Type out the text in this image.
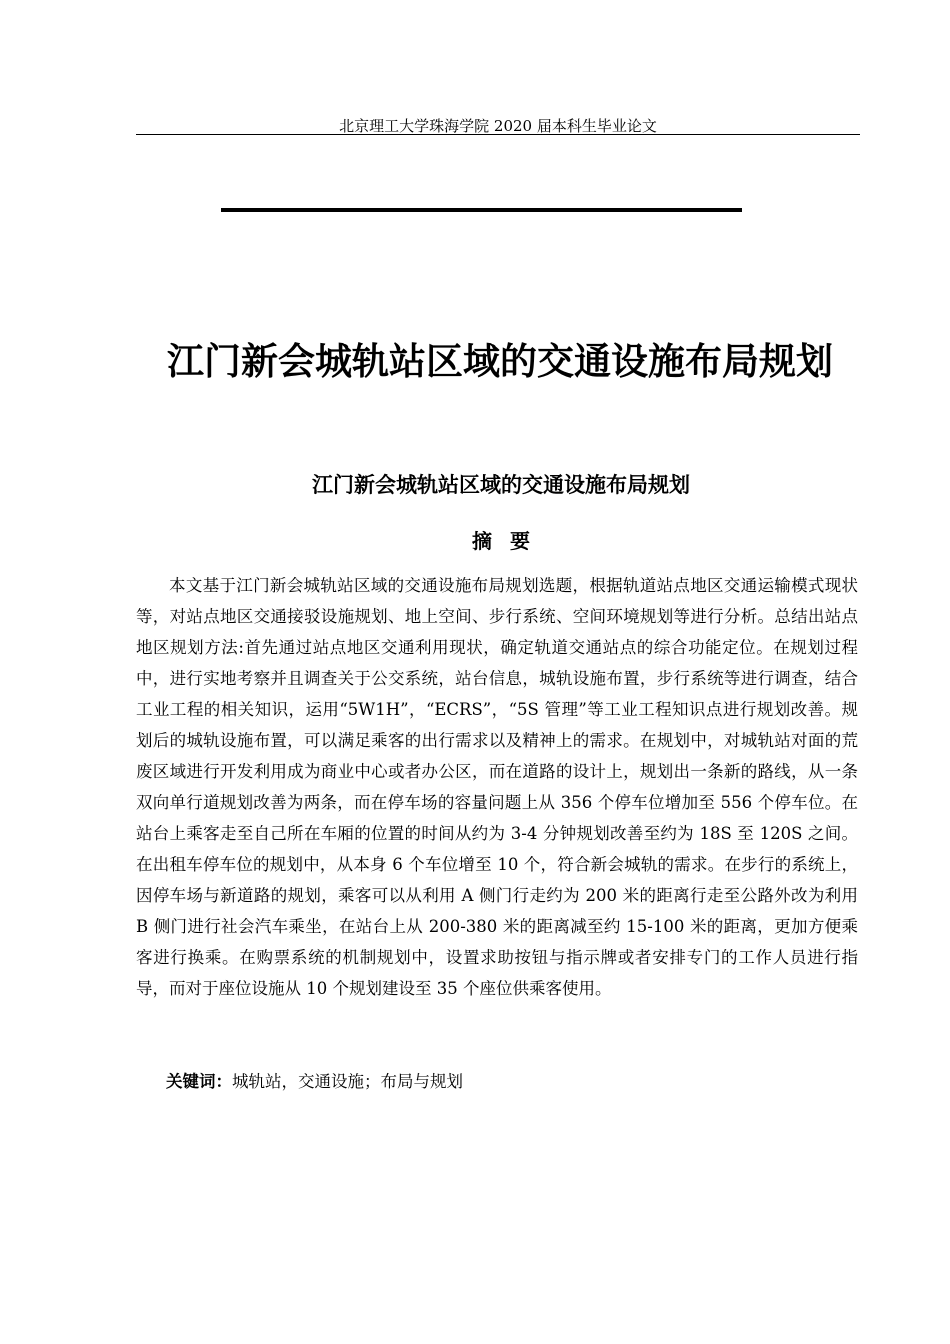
北京理工大学珠海学院 2020 届本科生毕业论文
江门新会城轨站区域的交通设施布局规划
江门新会城轨站区域的交通设施布局规划
摘要

本文基于江门新会城轨站区域的交通设施布局规划选题，根据轨道站点地区交通运输模式现状等，对站点地区交通接驳设施规划、地上空间、步行系统、空间环境规划等进行分析。总结出站点地区规划方法:首先通过站点地区交通利用现状，确定轨道交通站点的综合功能定位。在规划过程中，进行实地考察并且调查关于公交系统，站台信息，城轨设施布置，步行系统等进行调查，结合工业工程的相关知识，运用“5W1H”，“ECRS”，“5S 管理”等工业工程知识点进行规划改善。规划后的城轨设施布置，可以满足乘客的出行需求以及精神上的需求。在规划中，对城轨站对面的荒废区域进行开发利用成为商业中心或者办公区，而在道路的设计上，规划出一条新的路线，从一条双向单行道规划改善为两条，而在停车场的容量问题上从 356 个停车位增加至 556 个停车位。在站台上乘客走至自己所在车厢的位置的时间从约为 3-4 分钟规划改善至约为 18S 至 120S 之间。在出租车停车位的规划中，从本身 6 个车位增至 10 个，符合新会城轨的需求。在步行的系统上，因停车场与新道路的规划，乘客可以从利用 A 侧门行走约为 200 米的距离行走至公路外改为利用 B 侧门进行社会汽车乘坐，在站台上从 200-380 米的距离减至约 15-100 米的距离，更加方便乘客进行换乘。在购票系统的机制规划中，设置求助按钮与指示牌或者安排专门的工作人员进行指导，而对于座位设施从 10 个规划建设至 35 个座位供乘客使用。

关键词：城轨站，交通设施；布局与规划
